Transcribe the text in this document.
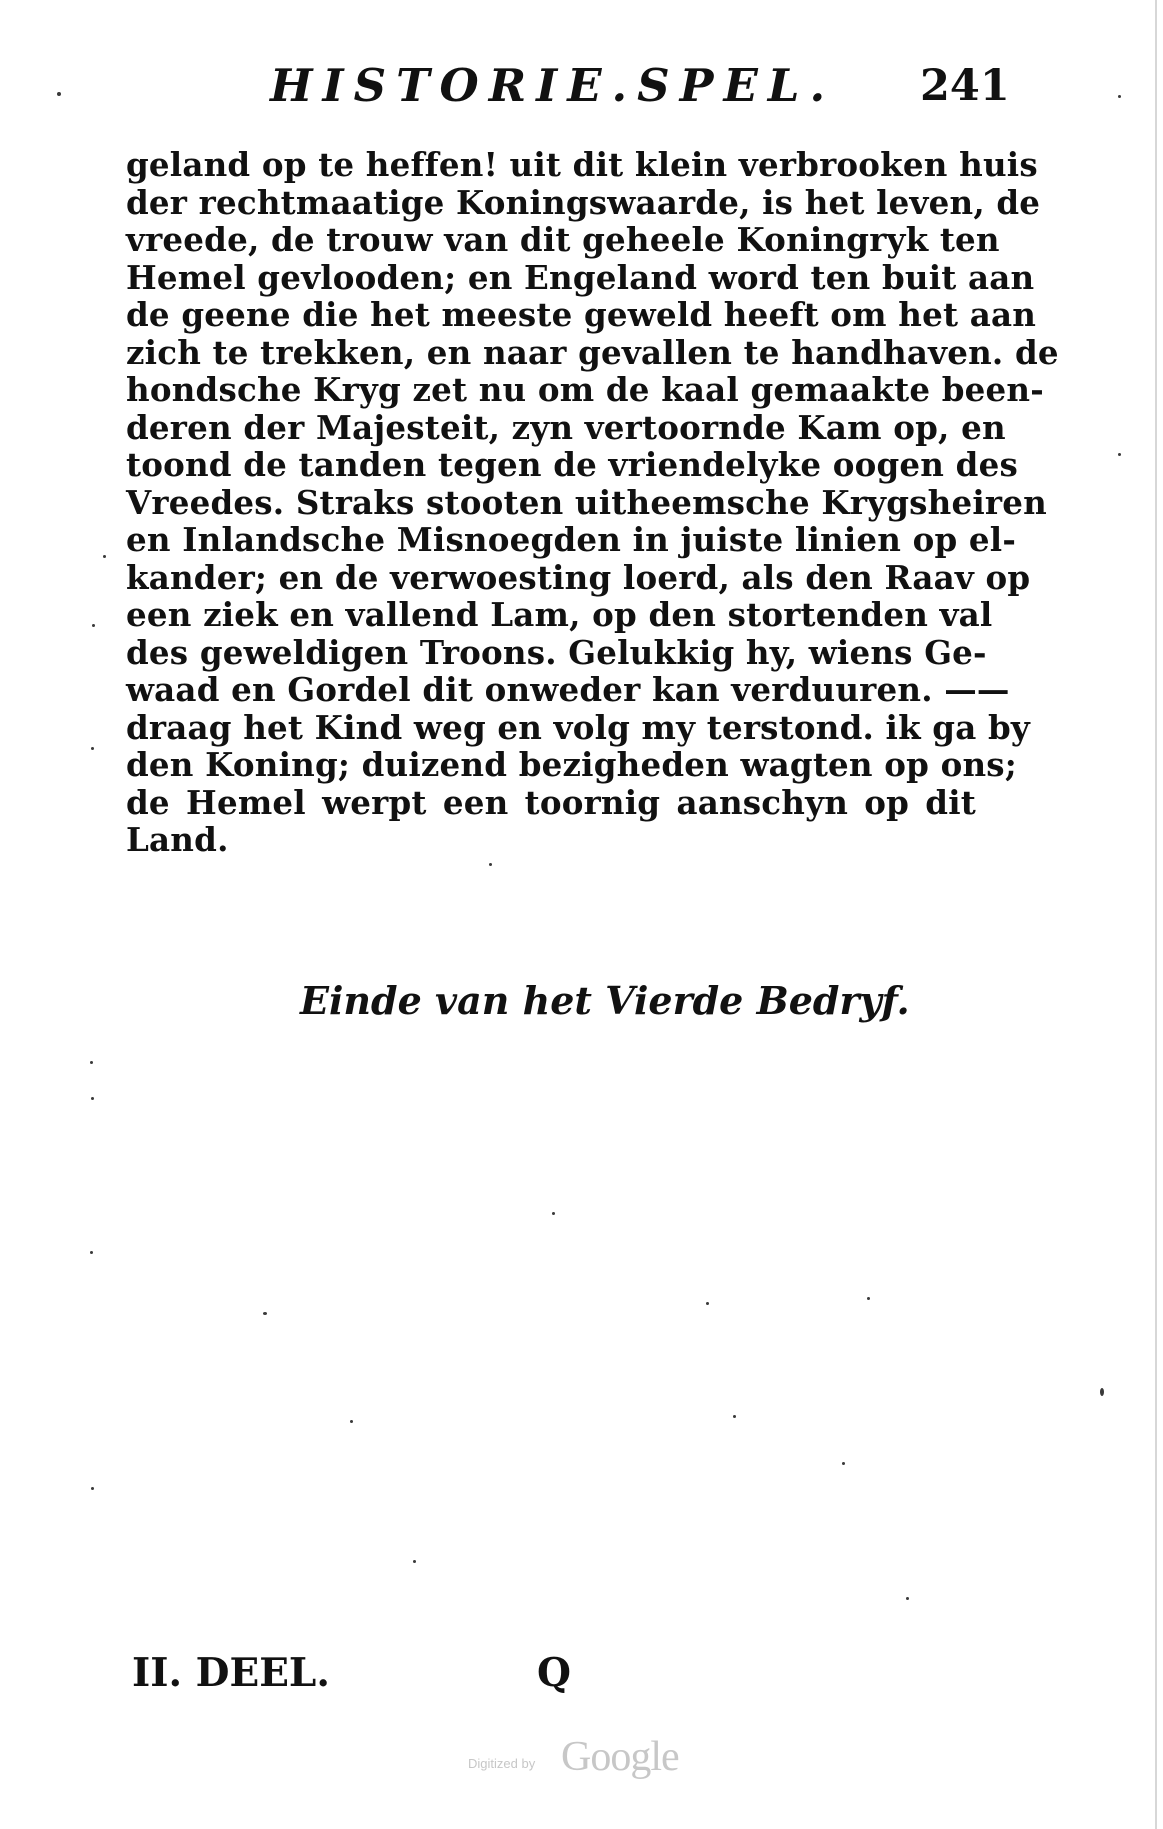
HISTORIE.SPEL. 241
geland op te heffen! uit dit klein verbrooken huis
der rechtmaatige Koningswaarde, is het leven, de
vreede, de trouw van dit geheele Koningryk ten
Hemel gevlooden; en Engeland word ten buit aan
de geene die het meeste geweld heeft om het aan
zich te trekken, en naar gevallen te handhaven. de
hondsche Kryg zet nu om de kaal gemaakte been-
deren der Majesteit, zyn vertoornde Kam op, en
toond de tanden tegen de vriendelyke oogen des
Vreedes. Straks stooten uitheemsche Krygsheiren
en Inlandsche Misnoegden in juiste linien op el-
kander; en de verwoesting loerd, als den Raav op
een ziek en vallend Lam, op den stortenden val
des geweldigen Troons. Gelukkig hy, wiens Ge-
waad en Gordel dit onweder kan verduuren. ——
draag het Kind weg en volg my terstond. ik ga by
den Koning; duizend bezigheden wagten op ons;
de Hemel werpt een toornig aanschyn op dit
Land.
Einde van het Vierde Bedryf.
II. DEEL.	Q
Digitized by Google
